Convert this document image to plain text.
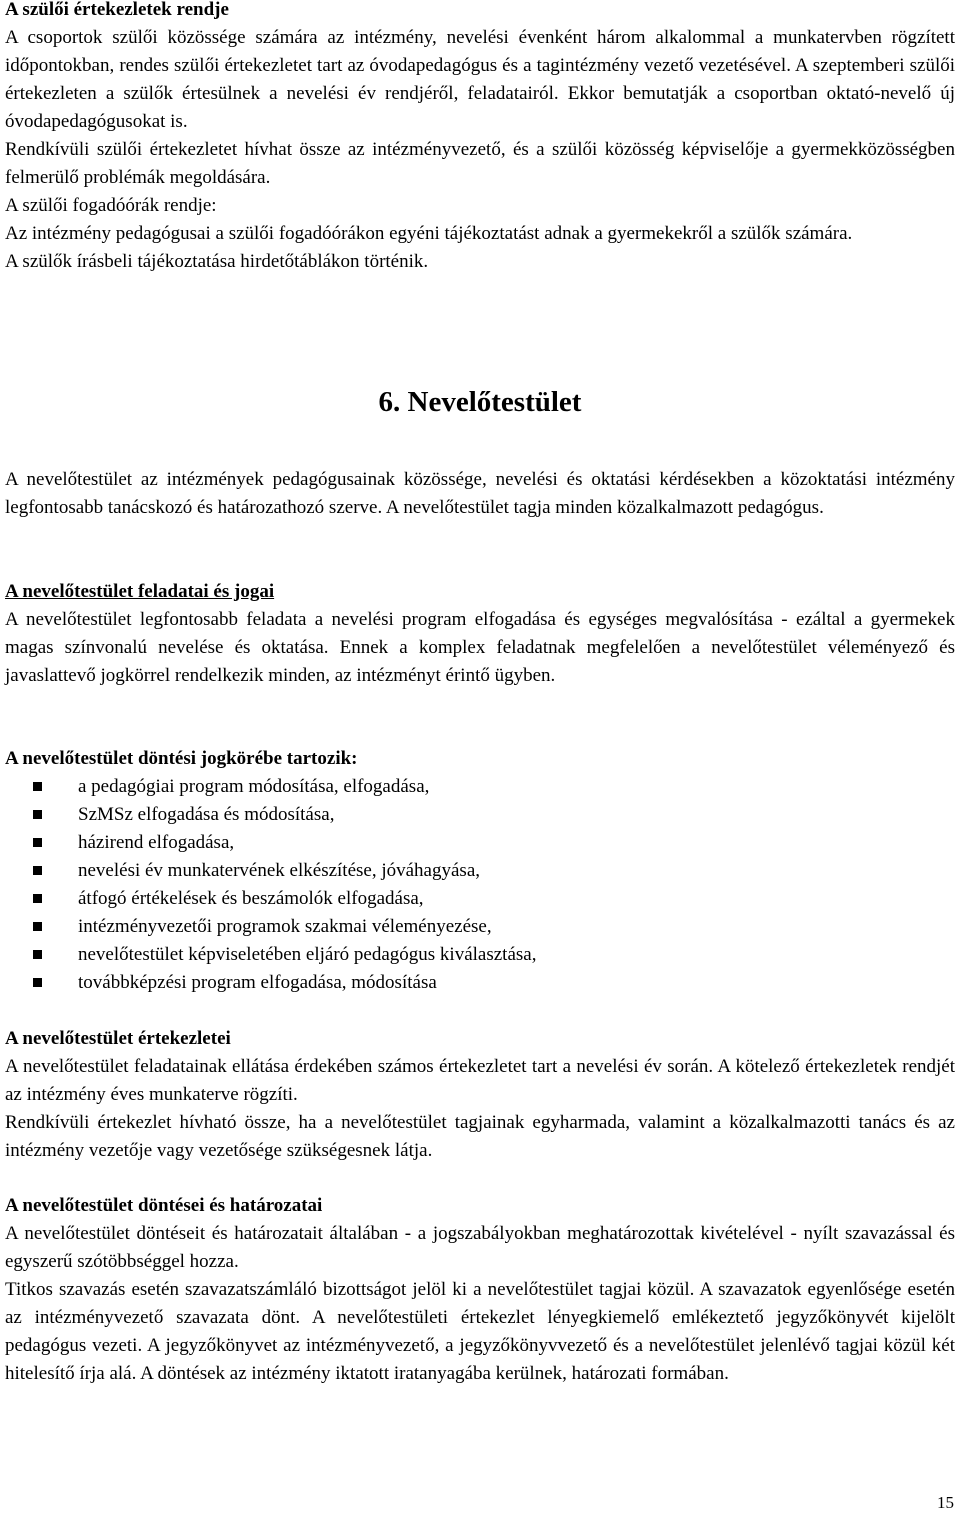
A szülői értekezletek rendje

A csoportok szülői közössége számára az intézmény, nevelési évenként három alkalommal a munkatervben rögzített időpontokban, rendes szülői értekezletet tart az óvodapedagógus és a tagintézmény vezető vezetésével. A szeptemberi szülői értekezleten a szülők értesülnek a nevelési év rendjéről, feladatairól. Ekkor bemutatják a csoportban oktató-nevelő új óvodapedagógusokat is.

Rendkívüli szülői értekezletet hívhat össze az intézményvezető, és a szülői közösség képviselője a gyermekközösségben felmerülő problémák megoldására.

A szülői fogadóórák rendje:

Az intézmény pedagógusai a szülői fogadóórákon egyéni tájékoztatást adnak a gyermekekről a szülők számára.

A szülők írásbeli tájékoztatása hirdetőtáblákon történik.

6. Nevelőtestület

A nevelőtestület az intézmények pedagógusainak közössége, nevelési és oktatási kérdésekben a közoktatási intézmény legfontosabb tanácskozó és határozathozó szerve. A nevelőtestület tagja minden közalkalmazott pedagógus.

A nevelőtestület feladatai és jogai

A nevelőtestület legfontosabb feladata a nevelési program elfogadása és egységes megvalósítása - ezáltal a gyermekek magas színvonalú nevelése és oktatása. Ennek a komplex feladatnak megfelelően a nevelőtestület véleményező és javaslattevő jogkörrel rendelkezik minden, az intézményt érintő ügyben.

A nevelőtestület döntési jogkörébe tartozik:

a pedagógiai program módosítása, elfogadása,
SzMSz elfogadása és módosítása,
házirend elfogadása,
nevelési év munkatervének elkészítése, jóváhagyása,
átfogó értékelések és beszámolók elfogadása,
intézményvezetői programok szakmai véleményezése,
nevelőtestület képviseletében eljáró pedagógus kiválasztása,
továbbképzési program elfogadása, módosítása

A nevelőtestület értekezletei

A nevelőtestület feladatainak ellátása érdekében számos értekezletet tart a nevelési év során. A kötelező értekezletek rendjét az intézmény éves munkaterve rögzíti.

Rendkívüli értekezlet hívható össze, ha a nevelőtestület tagjainak egyharmada, valamint a közalkalmazotti tanács és az intézmény vezetője vagy vezetősége szükségesnek látja.

A nevelőtestület döntései és határozatai

A nevelőtestület döntéseit és határozatait általában - a jogszabályokban meghatározottak kivételével - nyílt szavazással és egyszerű szótöbbséggel hozza.

Titkos szavazás esetén szavazatszámláló bizottságot jelöl ki a nevelőtestület tagjai közül. A szavazatok egyenlősége esetén az intézményvezető szavazata dönt. A nevelőtestületi értekezlet lényegkiemelő emlékeztető jegyzőkönyvét kijelölt pedagógus vezeti. A jegyzőkönyvet az intézményvezető, a jegyzőkönyvvezető és a nevelőtestület jelenlévő tagjai közül két hitelesítő írja alá. A döntések az intézmény iktatott iratanyagába kerülnek, határozati formában.

15
